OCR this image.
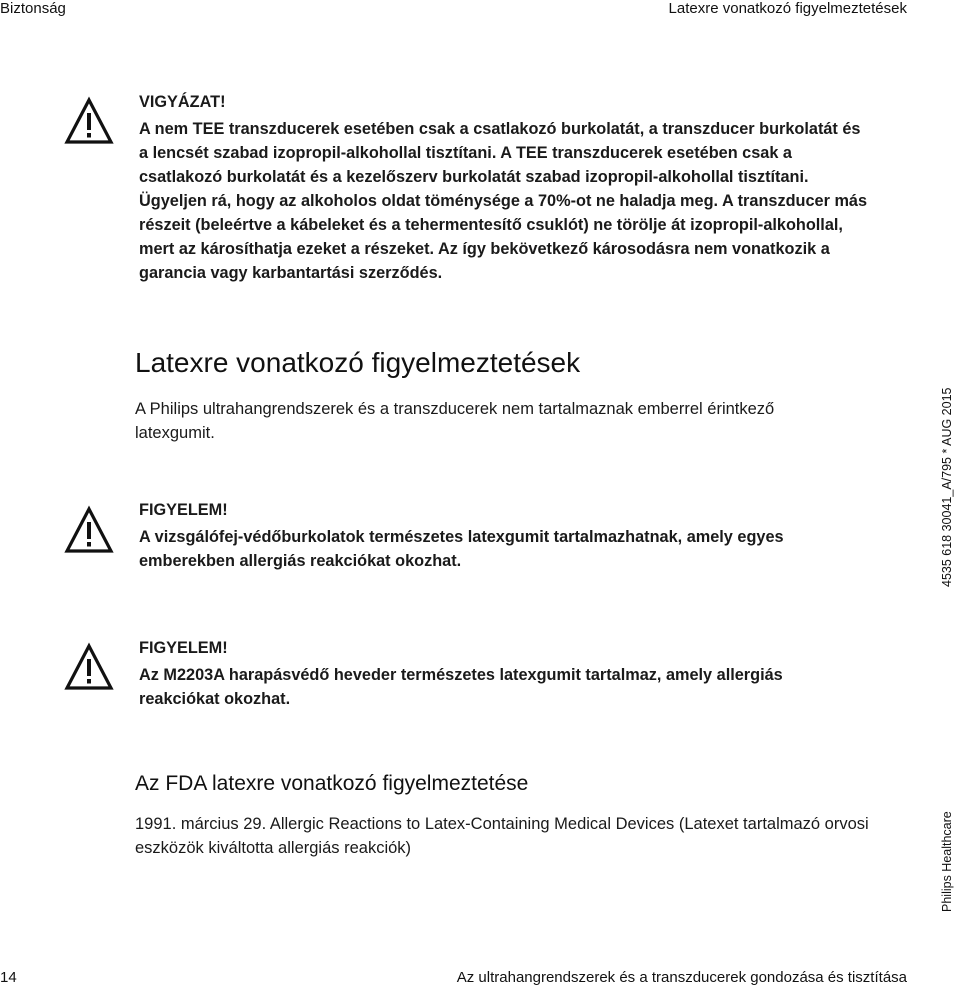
Biztonság	Latexre vonatkozó figyelmeztetések
VIGYÁZAT!
A nem TEE transzducerek esetében csak a csatlakozó burkolatát, a transzducer burkolatát és a lencsét szabad izopropil-alkohollal tisztítani. A TEE transzducerek esetében csak a csatlakozó burkolatát és a kezelőszerv burkolatát szabad izopropil-alkohollal tisztítani. Ügyeljen rá, hogy az alkoholos oldat töménysége a 70%-ot ne haladja meg. A transzducer más részeit (beleértve a kábeleket és a tehermentesítő csuklót) ne törölje át izopropil-alkohollal, mert az károsíthatja ezeket a részeket. Az így bekövetkező károsodásra nem vonatkozik a garancia vagy karbantartási szerződés.
Latexre vonatkozó figyelmeztetések
A Philips ultrahangrendszerek és a transzducerek nem tartalmaznak emberrel érintkező latexgumit.
FIGYELEM!
A vizsgálófej-védőburkolatok természetes latexgumit tartalmazhatnak, amely egyes emberekben allergiás reakciókat okozhat.
FIGYELEM!
Az M2203A harapásvédő heveder természetes latexgumit tartalmaz, amely allergiás reakciókat okozhat.
Az FDA latexre vonatkozó figyelmeztetése
1991. március 29. Allergic Reactions to Latex-Containing Medical Devices (Latexet tartalmazó orvosi eszközök kiváltotta allergiás reakciók)
4535 618 30041_A/795 * AUG 2015
Philips Healthcare
14	Az ultrahangrendszerek és a transzducerek gondozása és tisztítása
